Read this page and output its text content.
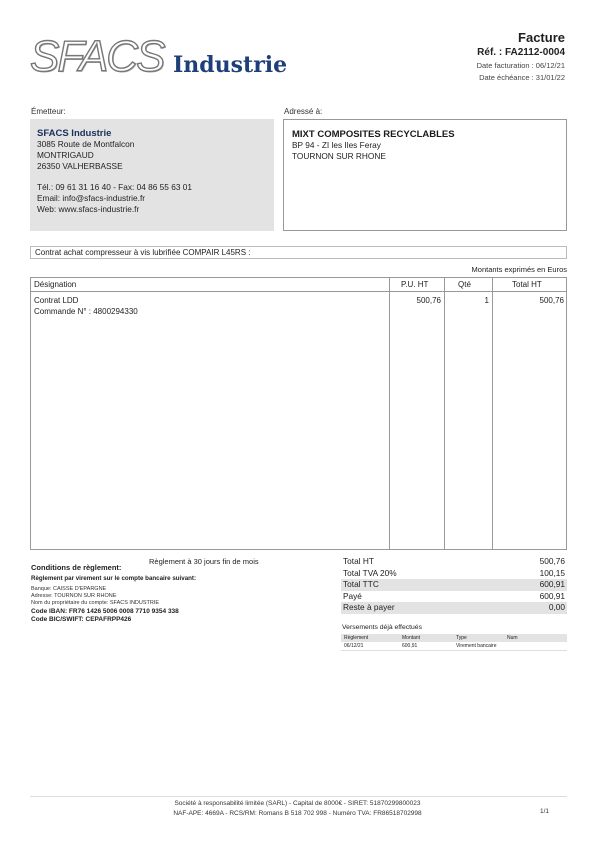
SFACS Industrie
Facture
Réf. : FA2112-0004
Date facturation : 06/12/21
Date échéance : 31/01/22
Émetteur:	Adressé à:
SFACS Industrie
3085 Route de Montfalcon
MONTRIGAUD
26350 VALHERBASSE
Tél.: 09 61 31 16 40 - Fax: 04 86 55 63 01
Email: info@sfacs-industrie.fr
Web: www.sfacs-industrie.fr
MIXT COMPOSITES RECYCLABLES
BP 94 - ZI les Iles Feray
TOURNON SUR RHONE
Contrat achat compresseur à vis lubrifiée COMPAIR L45RS :
Montants exprimés en Euros
Désignation	P.U. HT	Qté	Total HT
Contrat LDD
Commande N° : 4800294330
500,76	1	500,76
Conditions de règlement:
Règlement à 30 jours fin de mois
Règlement par virement sur le compte bancaire suivant:
Banque: CAISSE D'EPARGNE
Adresse: TOURNON SUR RHONE
Nom du propriétaire du compte: SFACS INDUSTRIE
Code IBAN: FR76 1426 5006 0008 7710 9354 338
Code BIC/SWIFT: CEPAFRPP426
Total HT	500,76
Total TVA 20%	100,15
Total TTC	600,91
Payé	600,91
Reste à payer	0,00
Versements déjà effectués
Règlement	Montant	Type	Num
06/12/21	600,91	Virement bancaire
Société à responsabilité limitée (SARL) - Capital de 8000€ - SIRET: 51870299800023
NAF-APE: 4669A - RCS/RM: Romans B 518 702 998 - Numéro TVA: FR86518702998	1/1
